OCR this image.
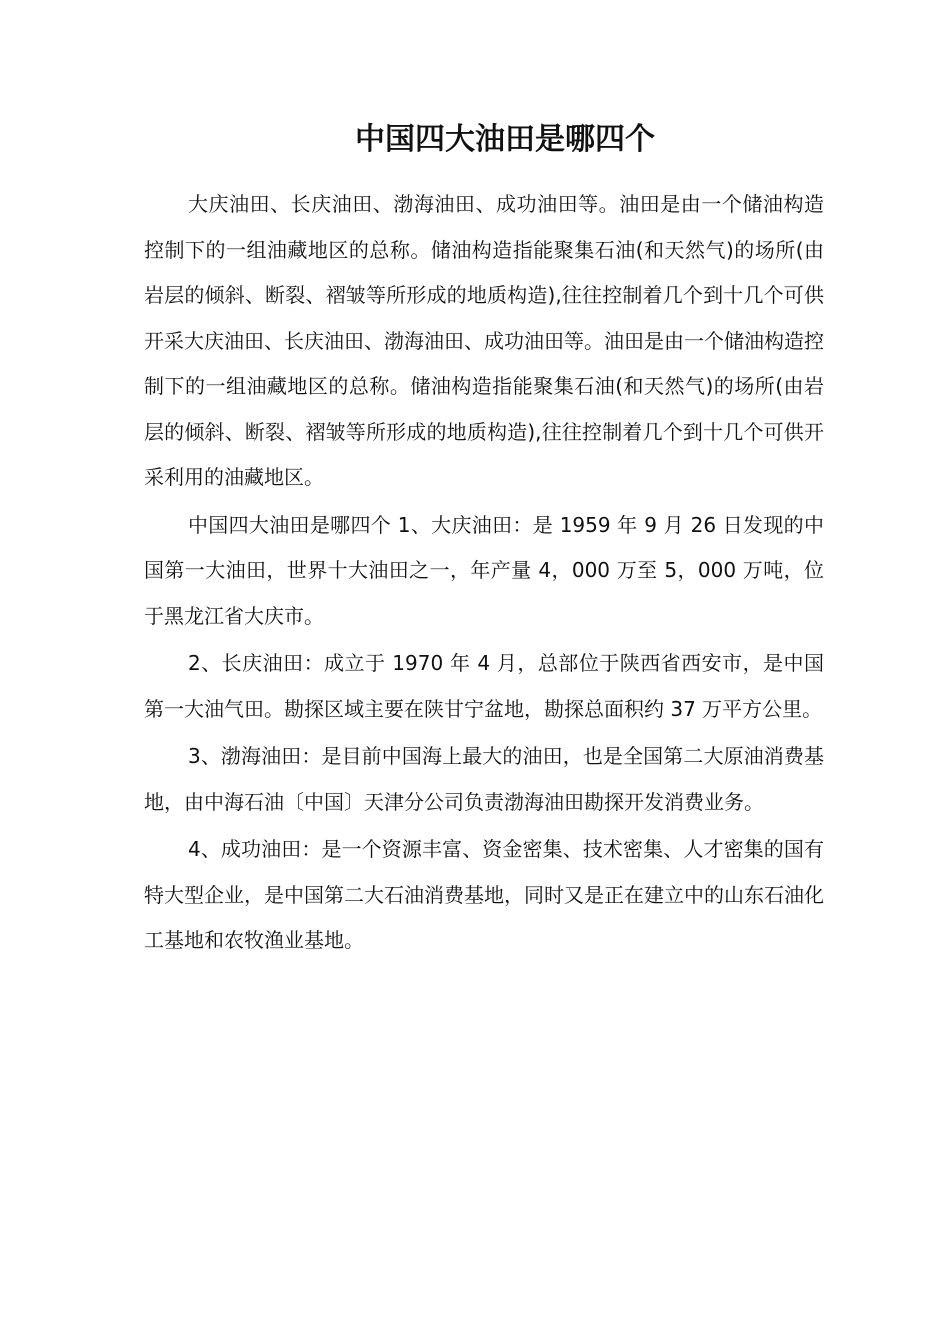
中国四大油田是哪四个

大庆油田、长庆油田、渤海油田、成功油田等。油田是由一个储油构造控制下的一组油藏地区的总称。储油构造指能聚集石油(和天然气)的场所(由岩层的倾斜、断裂、褶皱等所形成的地质构造),往往控制着几个到十几个可供开采大庆油田、长庆油田、渤海油田、成功油田等。油田是由一个储油构造控制下的一组油藏地区的总称。储油构造指能聚集石油(和天然气)的场所(由岩层的倾斜、断裂、褶皱等所形成的地质构造),往往控制着几个到十几个可供开采利用的油藏地区。

中国四大油田是哪四个 1、大庆油田：是 1959 年 9 月 26 日发现的中国第一大油田，世界十大油田之一，年产量 4，000 万至 5，000 万吨，位于黑龙江省大庆市。

2、长庆油田：成立于 1970 年 4 月，总部位于陕西省西安市，是中国第一大油气田。勘探区域主要在陕甘宁盆地，勘探总面积约 37 万平方公里。

3、渤海油田：是目前中国海上最大的油田，也是全国第二大原油消费基地，由中海石油〔中国〕天津分公司负责渤海油田勘探开发消费业务。

4、成功油田：是一个资源丰富、资金密集、技术密集、人才密集的国有特大型企业，是中国第二大石油消费基地，同时又是正在建立中的山东石油化工基地和农牧渔业基地。
